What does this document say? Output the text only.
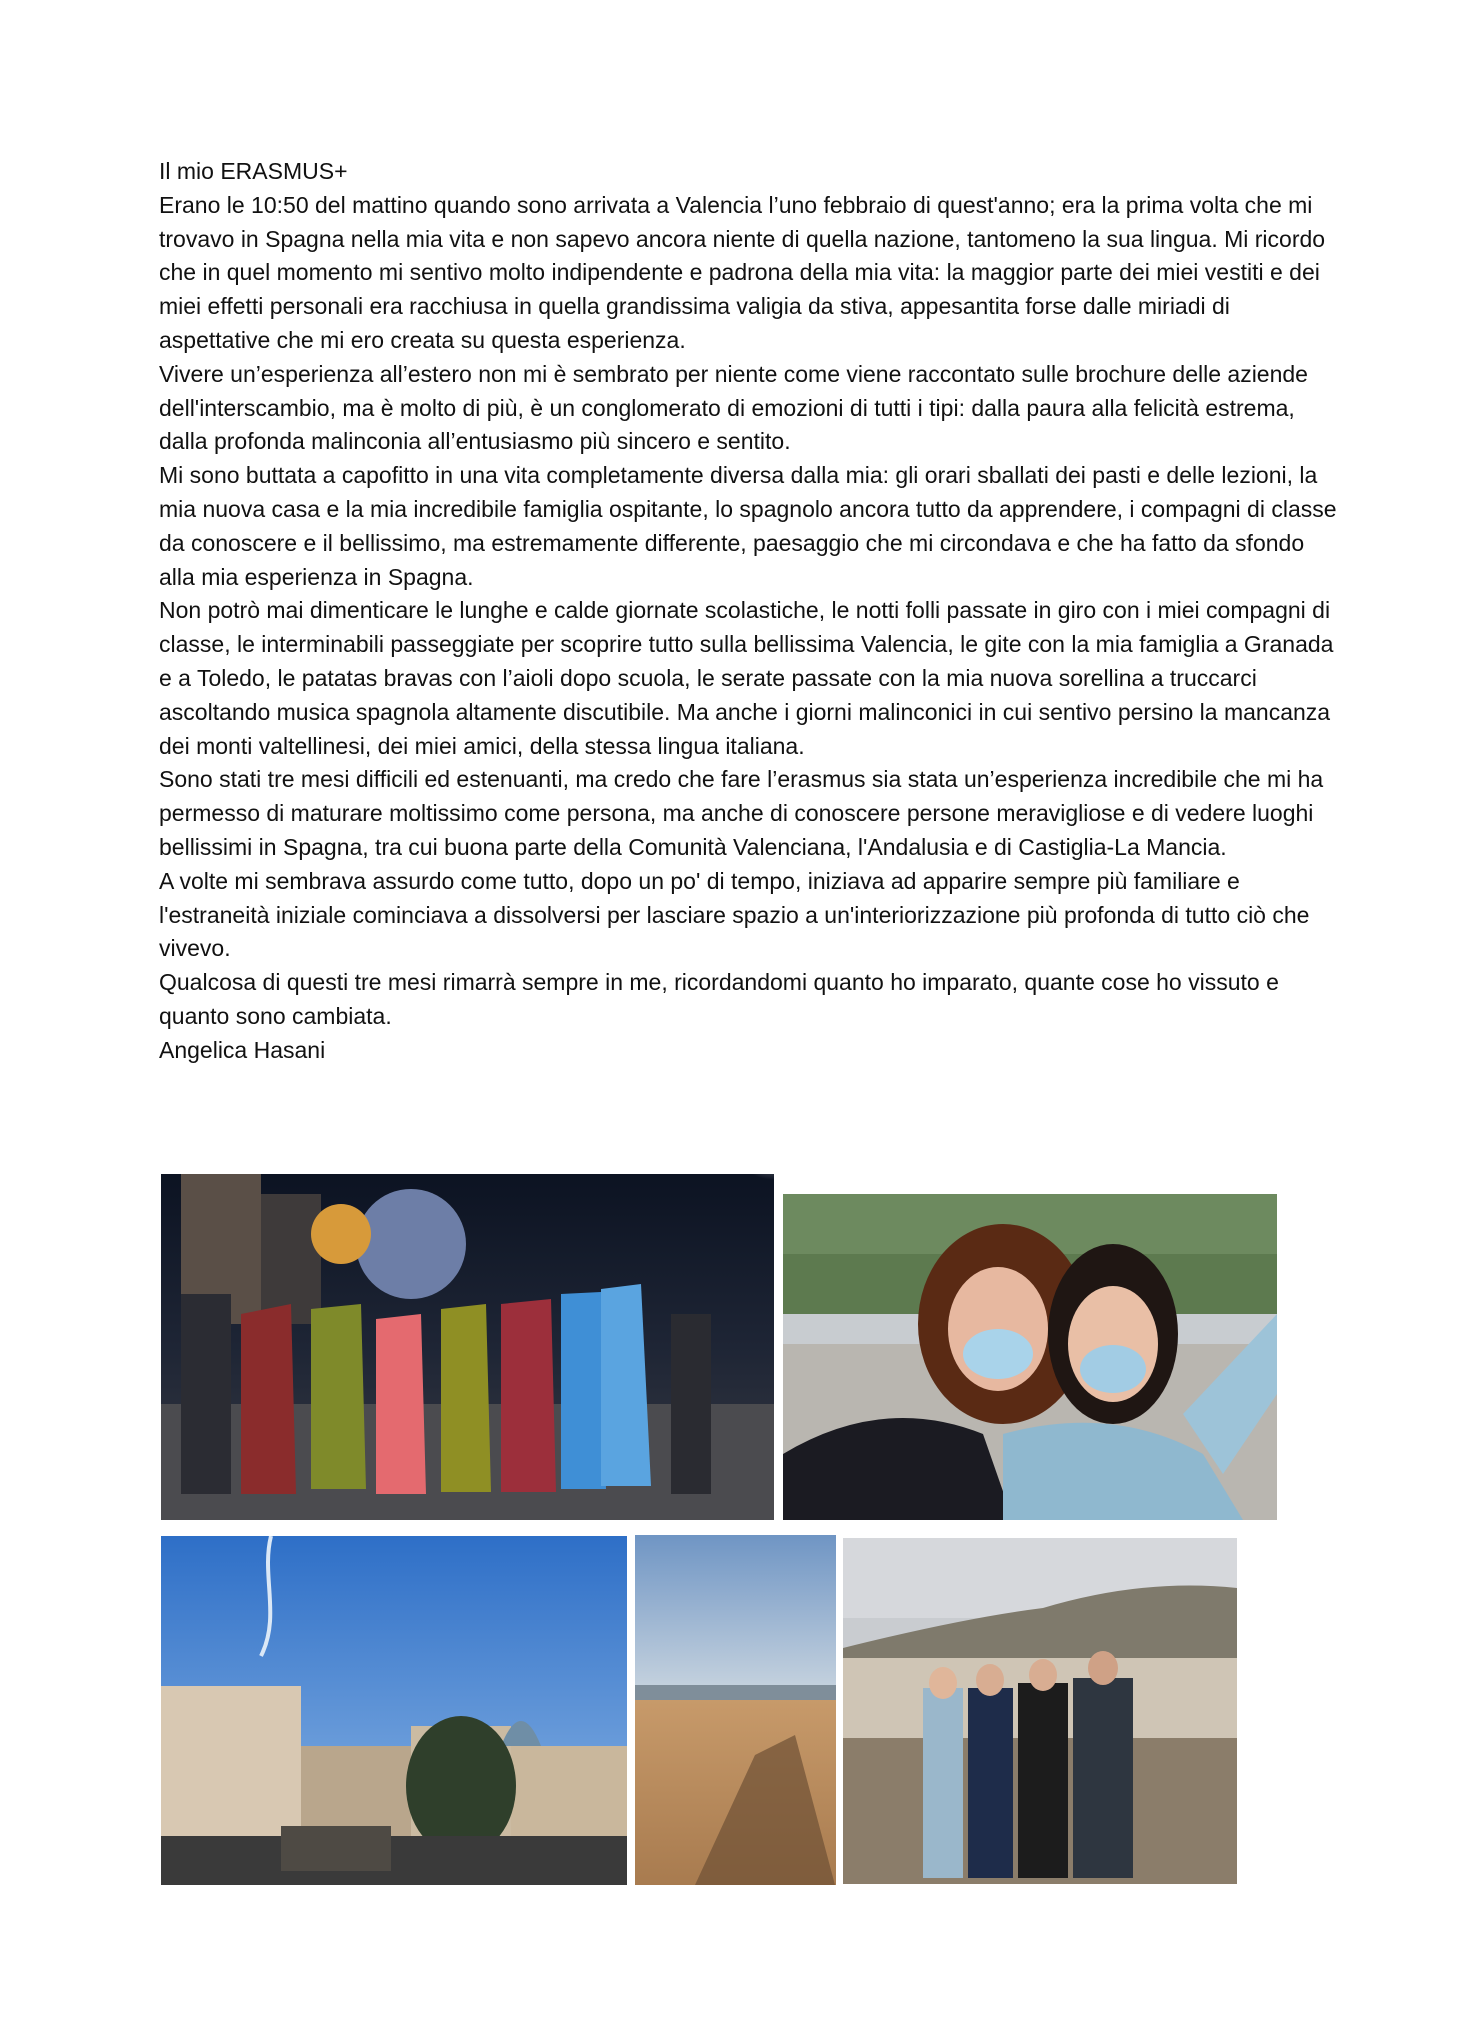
Il mio ERASMUS+

Erano le 10:50 del mattino quando sono arrivata a Valencia l’uno febbraio di quest'anno; era la prima volta che mi trovavo in Spagna nella mia vita e non sapevo ancora niente di quella nazione, tantomeno la sua lingua. Mi ricordo che in quel momento mi sentivo molto indipendente e padrona della mia vita: la maggior parte dei miei vestiti e dei miei effetti personali era racchiusa in quella grandissima valigia da stiva, appesantita forse dalle miriadi di aspettative che mi ero creata su questa esperienza.

Vivere un’esperienza all’estero non mi è sembrato per niente come viene raccontato sulle brochure delle aziende dell'interscambio, ma è molto di più, è un conglomerato di emozioni di tutti i tipi: dalla paura alla felicità estrema, dalla profonda malinconia all’entusiasmo più sincero e sentito.

Mi sono buttata a capofitto in una vita completamente diversa dalla mia: gli orari sballati dei pasti e delle lezioni, la mia nuova casa e la mia incredibile famiglia ospitante, lo spagnolo ancora tutto da apprendere, i compagni di classe da conoscere e il bellissimo, ma estremamente differente, paesaggio che mi circondava e che ha fatto da sfondo alla mia esperienza in Spagna.

Non potrò mai dimenticare le lunghe e calde giornate scolastiche, le notti folli passate in giro con i miei compagni di classe, le interminabili passeggiate per scoprire tutto sulla bellissima Valencia, le gite con la mia famiglia a Granada e a Toledo, le patatas bravas con l’aioli dopo scuola, le serate passate con la mia nuova sorellina a truccarci ascoltando musica spagnola altamente discutibile. Ma anche i giorni malinconici in cui sentivo persino la mancanza dei monti valtellinesi, dei miei amici, della stessa lingua italiana.

Sono stati tre mesi difficili ed estenuanti, ma credo che fare l’erasmus sia stata un’esperienza incredibile che mi ha permesso di maturare moltissimo come persona, ma anche di conoscere persone meravigliose e di vedere luoghi bellissimi in Spagna, tra cui buona parte della Comunità Valenciana, l'Andalusia e di Castiglia-La Mancia.

A volte mi sembrava assurdo come tutto, dopo un po' di tempo, iniziava ad apparire sempre più familiare e l'estraneità iniziale cominciava a dissolversi per lasciare spazio a un'interiorizzazione più profonda di tutto ciò che vivevo.

Qualcosa di questi tre mesi rimarrà sempre in me, ricordandomi quanto ho imparato, quante cose ho vissuto e quanto sono cambiata.

Angelica Hasani
